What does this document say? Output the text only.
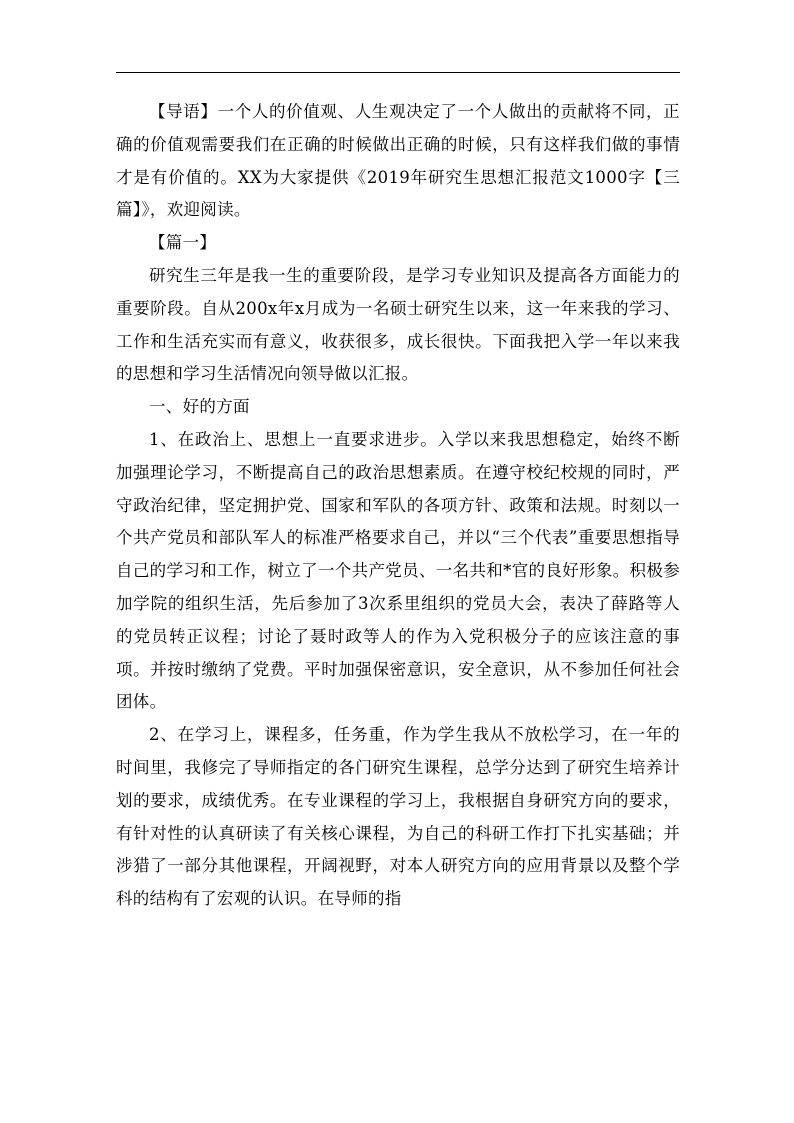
【导语】一个人的价值观、人生观决定了一个人做出的贡献将不同，正确的价值观需要我们在正确的时候做出正确的时候，只有这样我们做的事情才是有价值的。XX为大家提供《2019年研究生思想汇报范文1000字【三篇】》，欢迎阅读。

【篇一】

研究生三年是我一生的重要阶段，是学习专业知识及提高各方面能力的重要阶段。自从200x年x月成为一名硕士研究生以来，这一年来我的学习、工作和生活充实而有意义，收获很多，成长很快。下面我把入学一年以来我的思想和学习生活情况向领导做以汇报。

一、好的方面

1、在政治上、思想上一直要求进步。入学以来我思想稳定，始终不断加强理论学习，不断提高自己的政治思想素质。在遵守校纪校规的同时，严守政治纪律，坚定拥护党、国家和军队的各项方针、政策和法规。时刻以一个共产党员和部队军人的标准严格要求自己，并以“三个代表”重要思想指导自己的学习和工作，树立了一个共产党员、一名共和*官的良好形象。积极参加学院的组织生活，先后参加了3次系里组织的党员大会，表决了薛路等人的党员转正议程；讨论了聂时政等人的作为入党积极分子的应该注意的事项。并按时缴纳了党费。平时加强保密意识，安全意识，从不参加任何社会团体。

2、在学习上，课程多，任务重，作为学生我从不放松学习，在一年的时间里，我修完了导师指定的各门研究生课程，总学分达到了研究生培养计划的要求，成绩优秀。在专业课程的学习上，我根据自身研究方向的要求，有针对性的认真研读了有关核心课程，为自己的科研工作打下扎实基础；并涉猎了一部分其他课程，开阔视野，对本人研究方向的应用背景以及整个学科的结构有了宏观的认识。在导师的指
